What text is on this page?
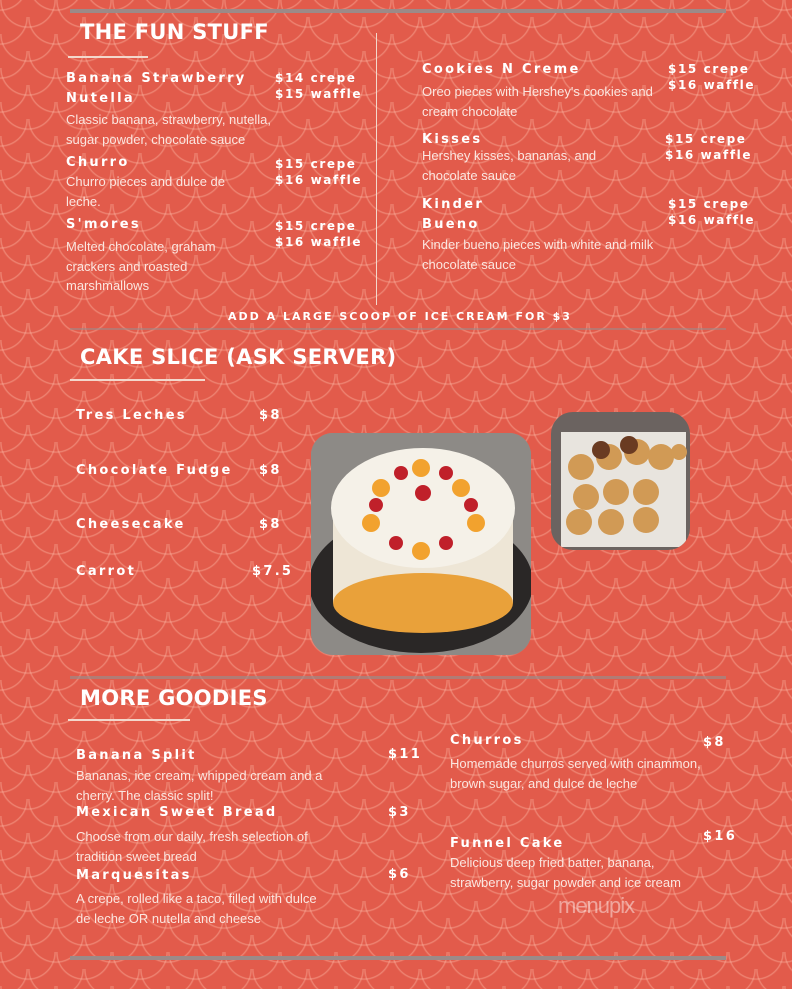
THE FUN STUFF
Banana Strawberry Nutella
$14 crepe
$15 waffle
Classic banana, strawberry, nutella, sugar powder, chocolate sauce
Churro	$15 crepe
$16 waffle
Churro pieces and dulce de leche.
S'mores	$15 crepe
$16 waffle
Melted chocolate, graham crackers and roasted marshmallows
Cookies N Creme	$15 crepe
$16 waffle
Oreo pieces with Hershey's cookies and cream chocolate
Kisses	$15 crepe
$16 waffle
Hershey kisses, bananas, and chocolate sauce
Kinder Bueno
$15 crepe
$16 waffle
Kinder bueno pieces with white and milk chocolate sauce
ADD A LARGE SCOOP OF ICE CREAM FOR $3
CAKE SLICE (ASK SERVER)
Tres Leches	$8
Chocolate Fudge $8
Cheesecake	$8
Carrot	$7.5
MORE GOODIES
Banana Split	$11
Bananas, ice cream, whipped cream and a cherry. The classic split!
Mexican Sweet Bread	$3
Choose from our daily, fresh selection of tradition sweet bread
Marquesitas	$6
A crepe, rolled like a taco, filled with dulce de leche OR nutella and cheese
Churros	$8
Homemade churros served with cinammon, brown sugar, and dulce de leche
Funnel Cake	$16
Delicious deep fried batter, banana, strawberry, sugar powder and ice cream
menupix
